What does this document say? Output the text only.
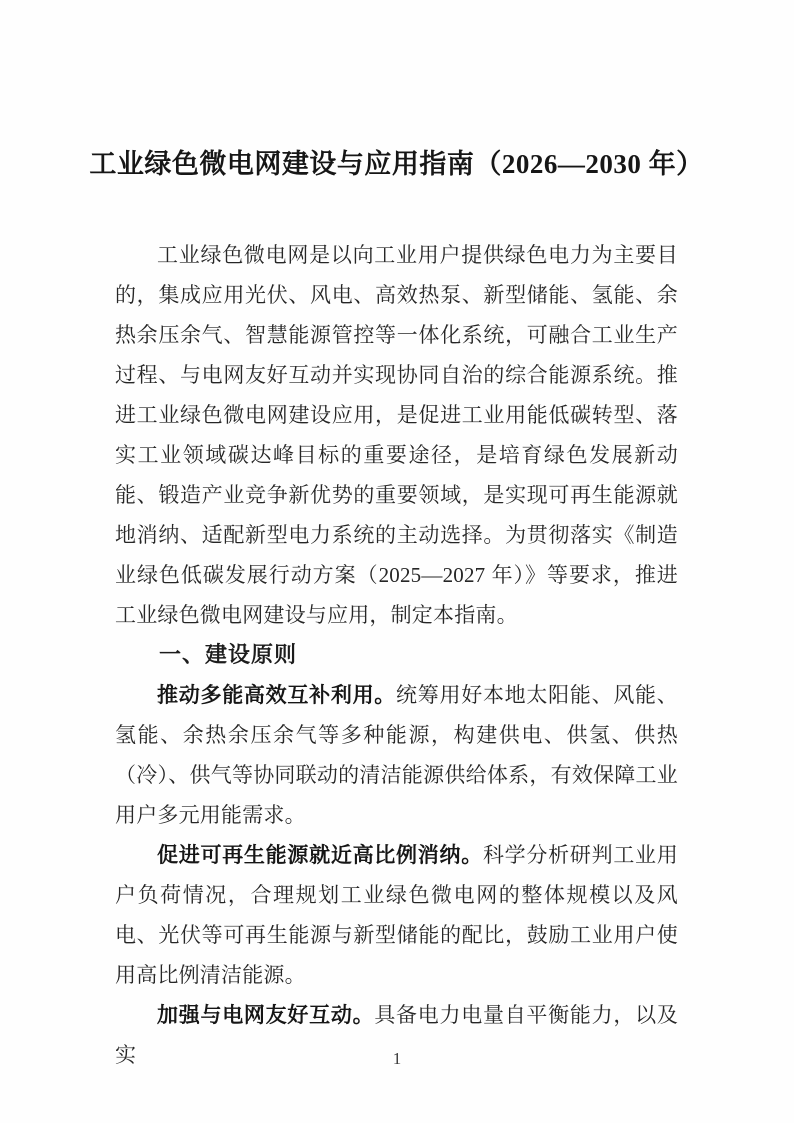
工业绿色微电网建设与应用指南（2026—2030 年）

工业绿色微电网是以向工业用户提供绿色电力为主要目的，集成应用光伏、风电、高效热泵、新型储能、氢能、余热余压余气、智慧能源管控等一体化系统，可融合工业生产过程、与电网友好互动并实现协同自治的综合能源系统。推进工业绿色微电网建设应用，是促进工业用能低碳转型、落实工业领域碳达峰目标的重要途径，是培育绿色发展新动能、锻造产业竞争新优势的重要领域，是实现可再生能源就地消纳、适配新型电力系统的主动选择。为贯彻落实《制造业绿色低碳发展行动方案（2025—2027 年）》等要求，推进工业绿色微电网建设与应用，制定本指南。

一、建设原则

推动多能高效互补利用。统筹用好本地太阳能、风能、氢能、余热余压余气等多种能源，构建供电、供氢、供热（冷）、供气等协同联动的清洁能源供给体系，有效保障工业用户多元用能需求。

促进可再生能源就近高比例消纳。科学分析研判工业用户负荷情况，合理规划工业绿色微电网的整体规模以及风电、光伏等可再生能源与新型储能的配比，鼓励工业用户使用高比例清洁能源。

加强与电网友好互动。具备电力电量自平衡能力，以及实	1
